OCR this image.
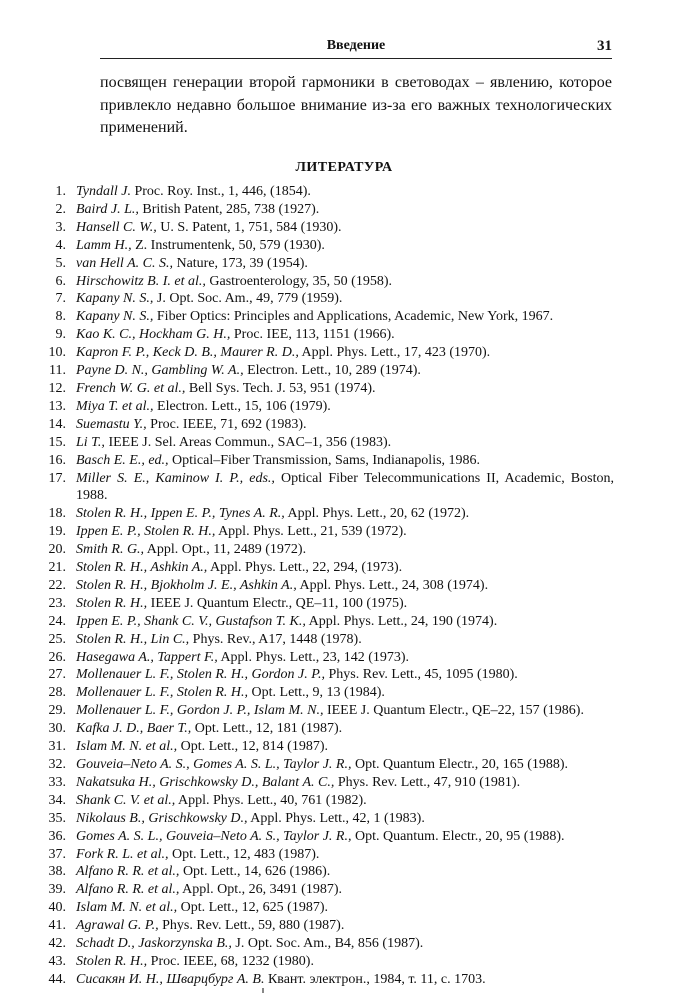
Введение	31
посвящен генерации второй гармоники в световодах – явлению, которое привлекло недавно большое внимание из-за его важных технологических применений.
ЛИТЕРАТУРА
1. Tyndall J. Proc. Roy. Inst., 1, 446, (1854).
2. Baird J. L., British Patent, 285, 738 (1927).
3. Hansell C. W., U. S. Patent, 1, 751, 584 (1930).
4. Lamm H., Z. Instrumentenk, 50, 579 (1930).
5. van Hell A. C. S., Nature, 173, 39 (1954).
6. Hirschowitz B. I. et al., Gastroenterology, 35, 50 (1958).
7. Kapany N. S., J. Opt. Soc. Am., 49, 779 (1959).
8. Kapany N. S., Fiber Optics: Principles and Applications, Academic, New York, 1967.
9. Kao K. C., Hockham G. H., Proc. IEE, 113, 1151 (1966).
10. Kapron F. P., Keck D. B., Maurer R. D., Appl. Phys. Lett., 17, 423 (1970).
11. Payne D. N., Gambling W. A., Electron. Lett., 10, 289 (1974).
12. French W. G. et al., Bell Sys. Tech. J. 53, 951 (1974).
13. Miya T. et al., Electron. Lett., 15, 106 (1979).
14. Suemastu Y., Proc. IEEE, 71, 692 (1983).
15. Li T., IEEE J. Sel. Areas Commun., SAC–1, 356 (1983).
16. Basch E. E., ed., Optical–Fiber Transmission, Sams, Indianapolis, 1986.
17. Miller S. E., Kaminow I. P., eds., Optical Fiber Telecommunications II, Academic, Boston, 1988.
18. Stolen R. H., Ippen E. P., Tynes A. R., Appl. Phys. Lett., 20, 62 (1972).
19. Ippen E. P., Stolen R. H., Appl. Phys. Lett., 21, 539 (1972).
20. Smith R. G., Appl. Opt., 11, 2489 (1972).
21. Stolen R. H., Ashkin A., Appl. Phys. Lett., 22, 294, (1973).
22. Stolen R. H., Bjokholm J. E., Ashkin A., Appl. Phys. Lett., 24, 308 (1974).
23. Stolen R. H., IEEE J. Quantum Electr., QE–11, 100 (1975).
24. Ippen E. P., Shank C. V., Gustafson T. K., Appl. Phys. Lett., 24, 190 (1974).
25. Stolen R. H., Lin C., Phys. Rev., A17, 1448 (1978).
26. Hasegawa A., Tappert F., Appl. Phys. Lett., 23, 142 (1973).
27. Mollenauer L. F., Stolen R. H., Gordon J. P., Phys. Rev. Lett., 45, 1095 (1980).
28. Mollenauer L. F., Stolen R. H., Opt. Lett., 9, 13 (1984).
29. Mollenauer L. F., Gordon J. P., Islam M. N., IEEE J. Quantum Electr., QE–22, 157 (1986).
30. Kafka J. D., Baer T., Opt. Lett., 12, 181 (1987).
31. Islam M. N. et al., Opt. Lett., 12, 814 (1987).
32. Gouveia–Neto A. S., Gomes A. S. L., Taylor J. R., Opt. Quantum Electr., 20, 165 (1988).
33. Nakatsuka H., Grischkowsky D., Balant A. C., Phys. Rev. Lett., 47, 910 (1981).
34. Shank C. V. et al., Appl. Phys. Lett., 40, 761 (1982).
35. Nikolaus B., Grischkowsky D., Appl. Phys. Lett., 42, 1 (1983).
36. Gomes A. S. L., Gouveia–Neto A. S., Taylor J. R., Opt. Quantum. Electr., 20, 95 (1988).
37. Fork R. L. et al., Opt. Lett., 12, 483 (1987).
38. Alfano R. R. et al., Opt. Lett., 14, 626 (1986).
39. Alfano R. R. et al., Appl. Opt., 26, 3491 (1987).
40. Islam M. N. et al., Opt. Lett., 12, 625 (1987).
41. Agrawal G. P., Phys. Rev. Lett., 59, 880 (1987).
42. Schadt D., Jaskorzynska B., J. Opt. Soc. Am., B4, 856 (1987).
43. Stolen R. H., Proc. IEEE, 68, 1232 (1980).
44. Сисакян И. Н., Шварцбург А. В. Квант. электрон., 1984, т. 11, с. 1703.
